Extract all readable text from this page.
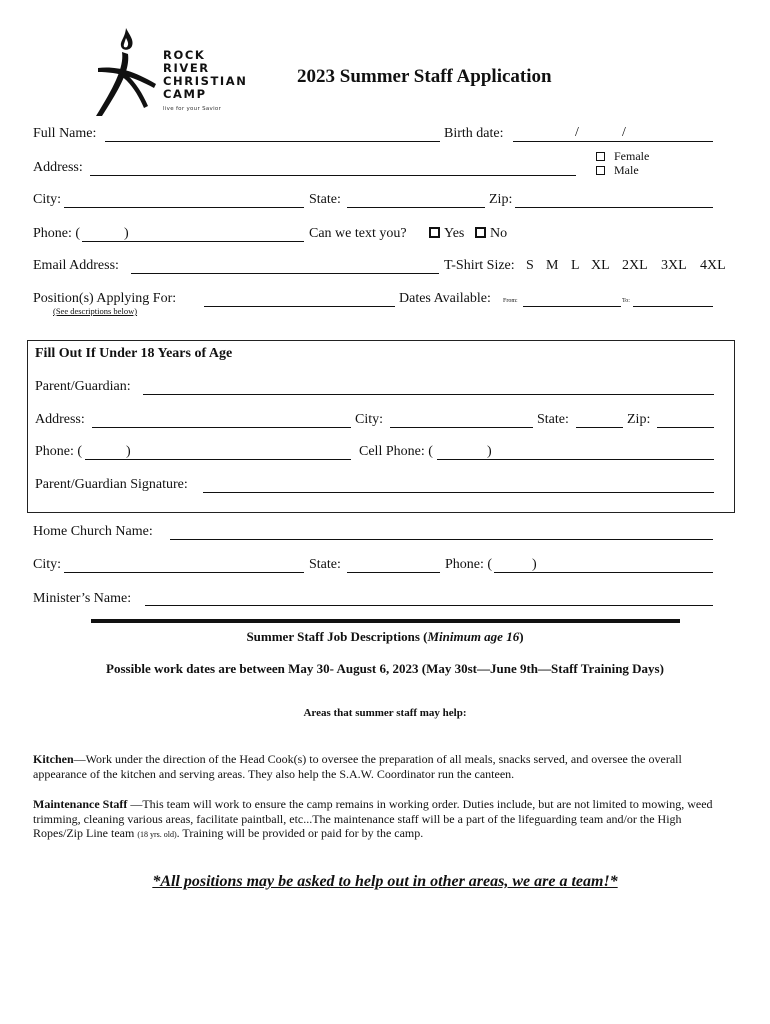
ROCK
RIVER
CHRISTIAN
CAMP
live for your Savior
2023 Summer Staff Application
Full Name:	Birth date:	/	/
Address:
Female
Male
City:	State:	Zip:
Phone: (	)	Can we text you?	Yes No
Email Address:	T-Shirt Size: S M L XL 2XL 3XL 4XL
Position(s) Applying For:
(See descriptions below)
Dates Available: From:	To:
Fill Out If Under 18 Years of Age
Parent/Guardian:
Address:	City:	State:	Zip:
Phone: (	)	Cell Phone: (	)
Parent/Guardian Signature:
Home Church Name:
City:	State:	Phone: (	)
Minister’s Name:
Summer Staff Job Descriptions (Minimum age 16)
Possible work dates are between May 30- August 6, 2023 (May 30st—June 9th—Staff Training Days)
Areas that summer staff may help:
Kitchen—Work under the direction of the Head Cook(s) to oversee the preparation of all meals, snacks served, and oversee the overall appearance of the kitchen and serving areas. They also help the S.A.W. Coordinator run the canteen.
Maintenance Staff —This team will work to ensure the camp remains in working order. Duties include, but are not limited to mowing, weed trimming, cleaning various areas, facilitate paintball, etc...The maintenance staff will be a part of the lifeguarding team and/or the High Ropes/Zip Line team (18 yrs. old). Training will be provided or paid for by the camp.
*All positions may be asked to help out in other areas, we are a team!*
